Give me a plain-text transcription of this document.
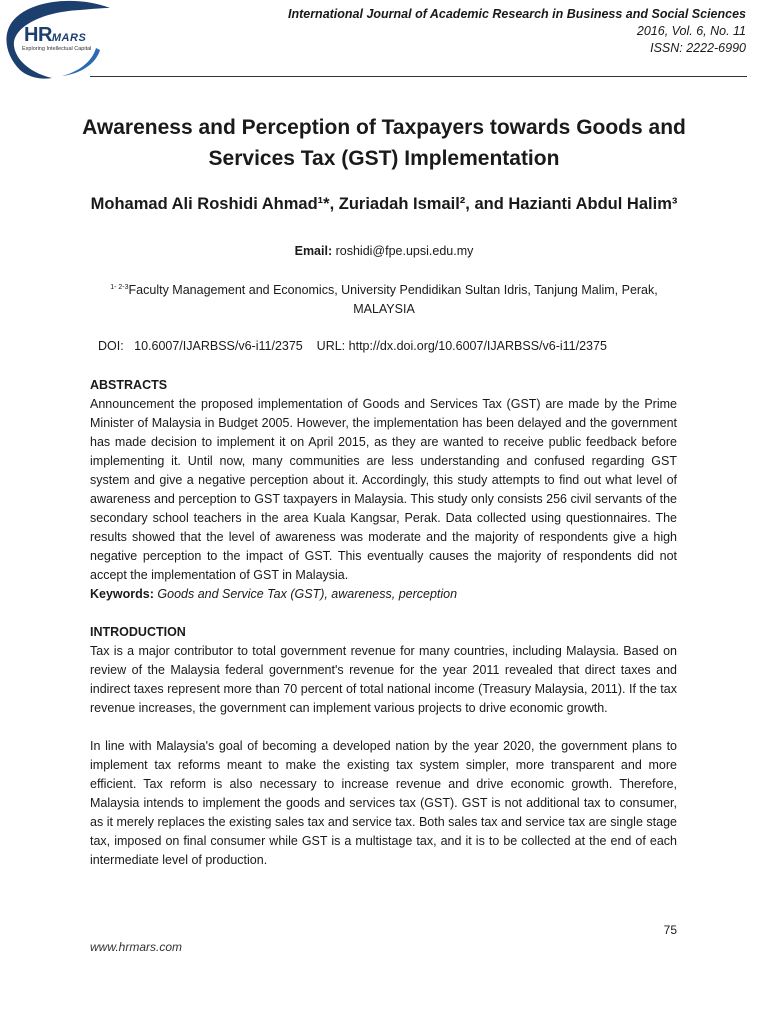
HRMARS
Exploring Intellectual Capital
International Journal of Academic Research in Business and Social Sciences
2016, Vol. 6, No. 11
ISSN: 2222-6990
Awareness and Perception of Taxpayers towards Goods and Services Tax (GST) Implementation
Mohamad Ali Roshidi Ahmad¹*, Zuriadah Ismail², and Hazianti Abdul Halim³
Email: roshidi@fpe.upsi.edu.my
$^{1- 2-3}$Faculty Management and Economics, University Pendidikan Sultan Idris, Tanjung Malim, Perak, MALAYSIA
DOI: 10.6007/IJARBSS/v6-i11/2375 URL: http://dx.doi.org/10.6007/IJARBSS/v6-i11/2375
ABSTRACTS

Announcement the proposed implementation of Goods and Services Tax (GST) are made by the Prime Minister of Malaysia in Budget 2005. However, the implementation has been delayed and the government has made decision to implement it on April 2015, as they are wanted to receive public feedback before implementing it. Until now, many communities are less understanding and confused regarding GST system and give a negative perception about it. Accordingly, this study attempts to find out what level of awareness and perception to GST taxpayers in Malaysia. This study only consists 256 civil servants of the secondary school teachers in the area Kuala Kangsar, Perak. Data collected using questionnaires. The results showed that the level of awareness was moderate and the majority of respondents give a high negative perception to the impact of GST. This eventually causes the majority of respondents did not accept the implementation of GST in Malaysia.

Keywords: Goods and Service Tax (GST), awareness, perception
INTRODUCTION

Tax is a major contributor to total government revenue for many countries, including Malaysia. Based on review of the Malaysia federal government's revenue for the year 2011 revealed that direct taxes and indirect taxes represent more than 70 percent of total national income (Treasury Malaysia, 2011). If the tax revenue increases, the government can implement various projects to drive economic growth.

In line with Malaysia's goal of becoming a developed nation by the year 2020, the government plans to implement tax reforms meant to make the existing tax system simpler, more transparent and more efficient. Tax reform is also necessary to increase revenue and drive economic growth. Therefore, Malaysia intends to implement the goods and services tax (GST). GST is not additional tax to consumer, as it merely replaces the existing sales tax and service tax. Both sales tax and service tax are single stage tax, imposed on final consumer while GST is a multistage tax, and it is to be collected at the end of each intermediate level of production.

75
www.hrmars.com
